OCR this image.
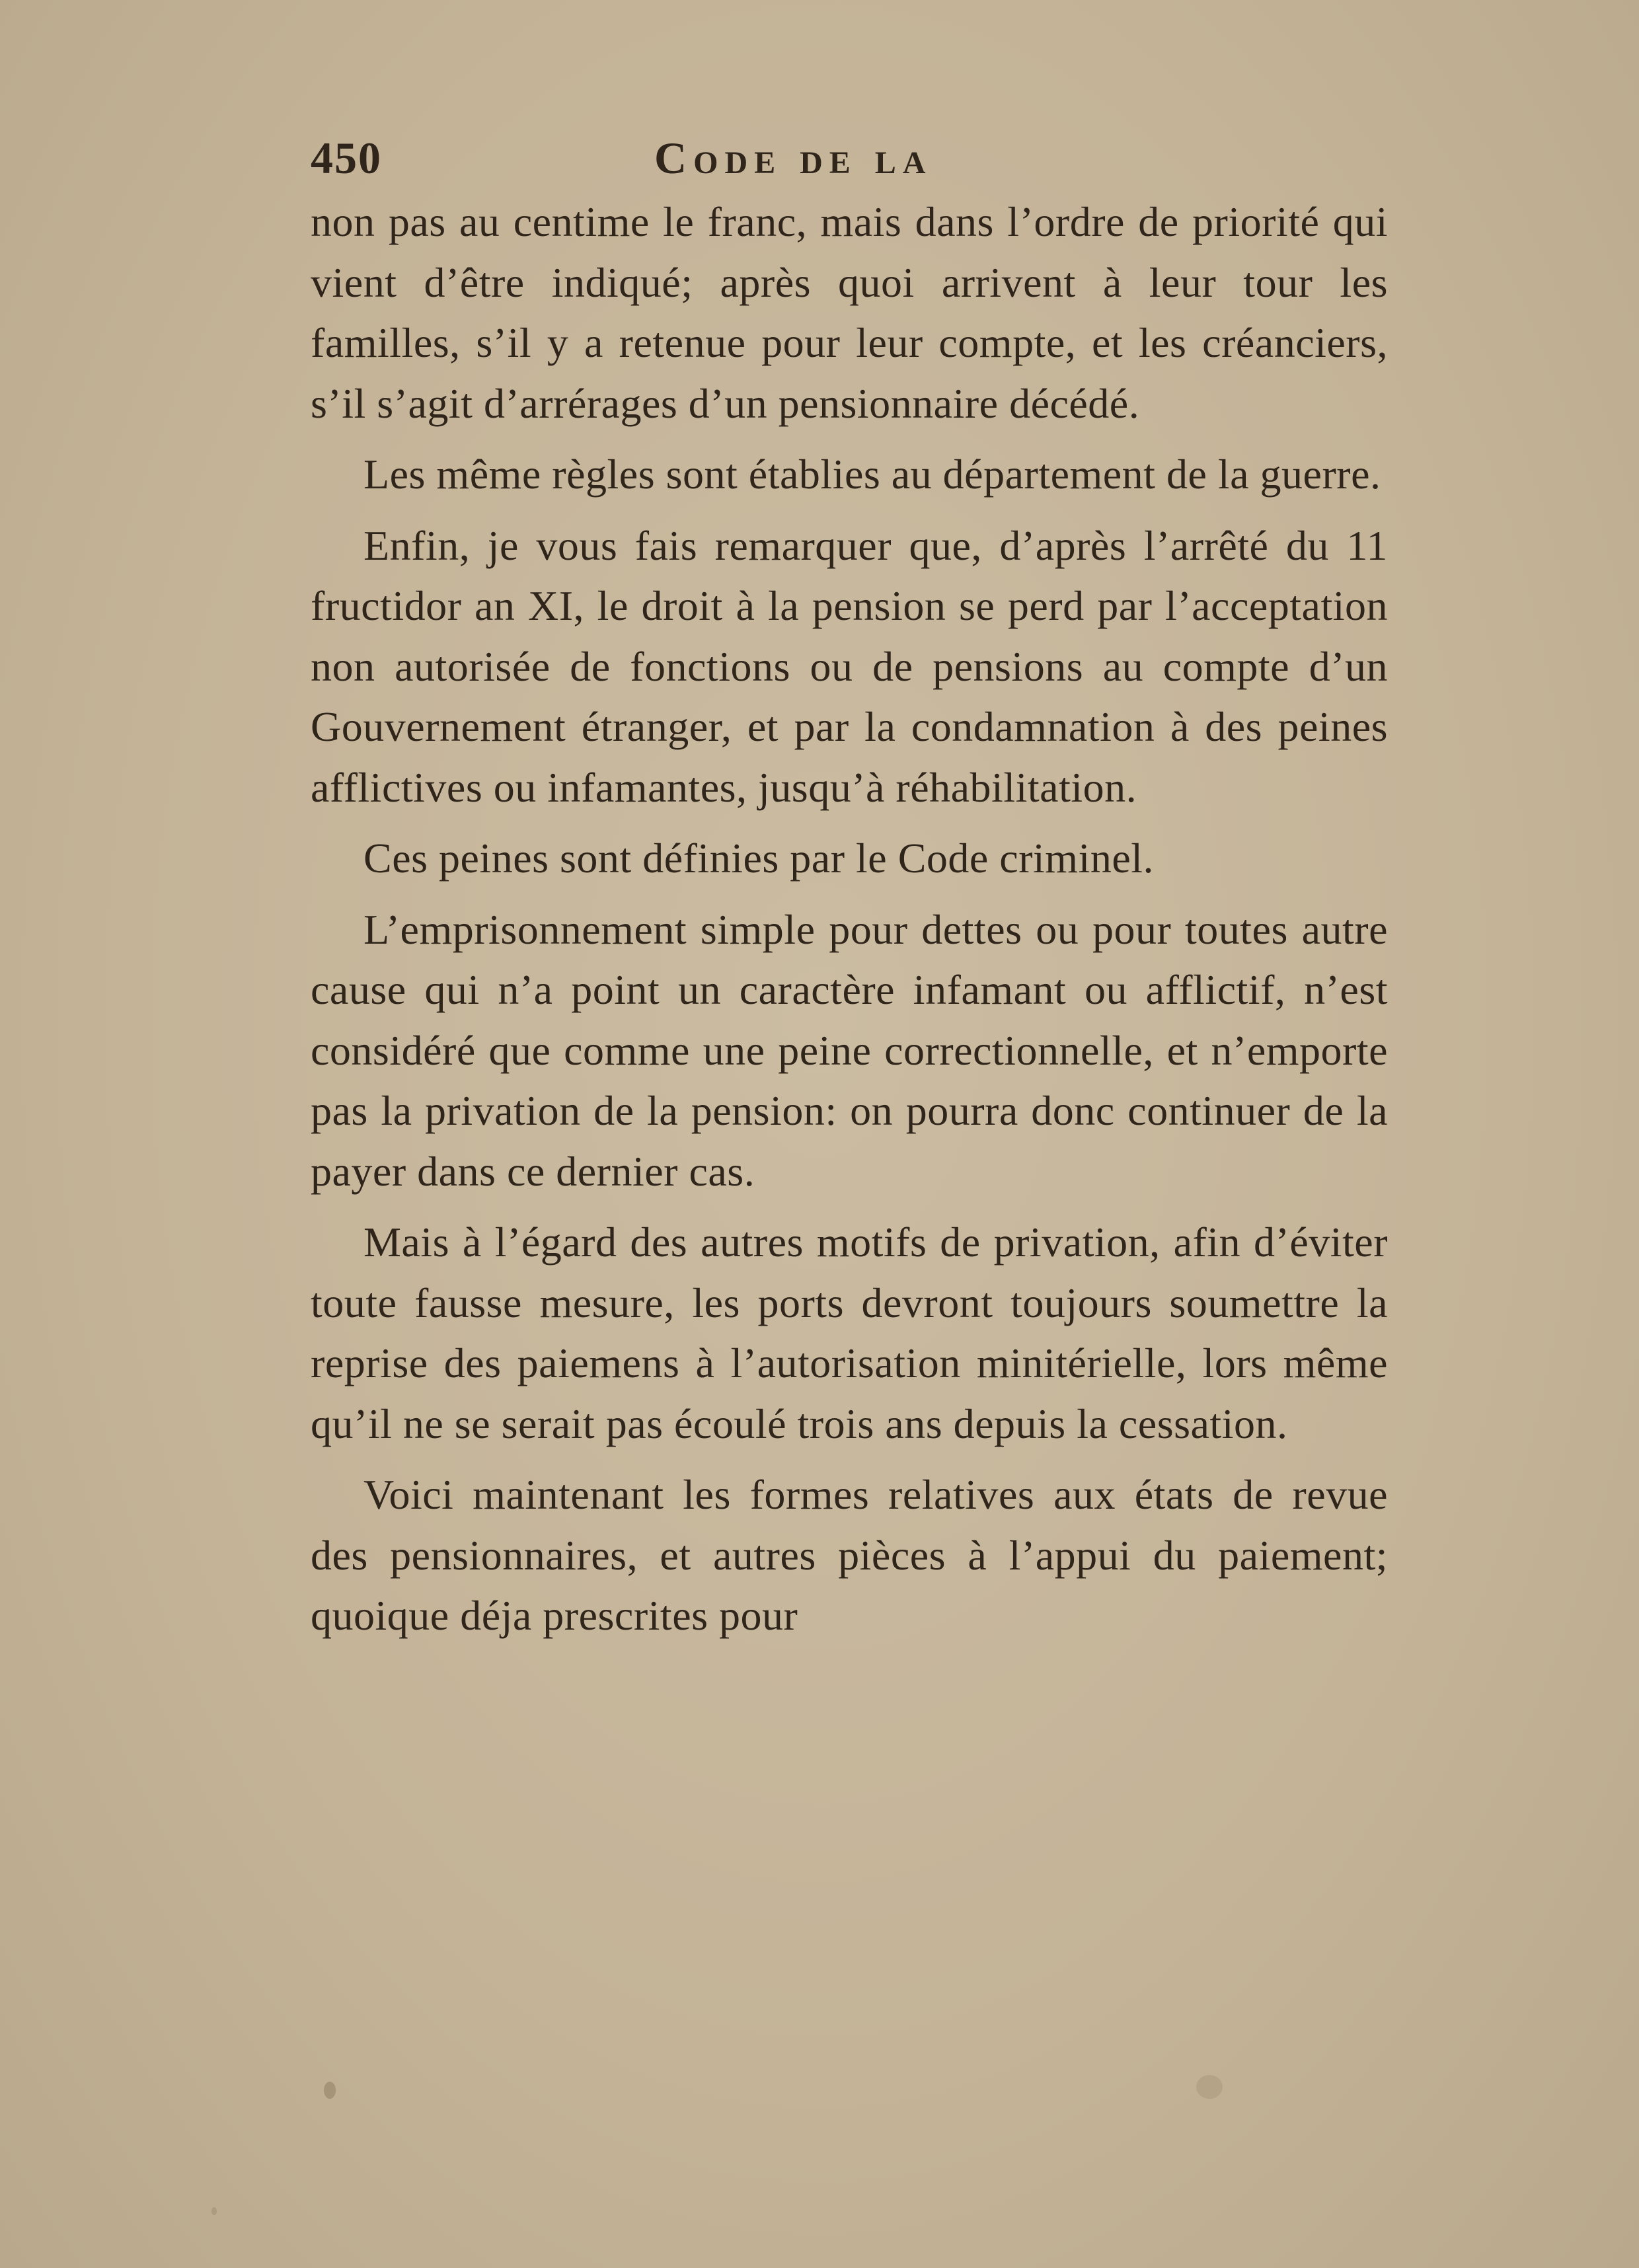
450	Code de la

non pas au centime le franc, mais dans l’ordre de priorité qui vient d’être indiqué; après quoi arrivent à leur tour les familles, s’il y a retenue pour leur compte, et les créanciers, s’il s’agit d’arrérages d’un pensionnaire décédé.

Les même règles sont établies au département de la guerre.

Enfin, je vous fais remarquer que, d’après l’arrêté du 11 fructidor an XI, le droit à la pension se perd par l’acceptation non autorisée de fonctions ou de pensions au compte d’un Gouvernement étranger, et par la condamnation à des peines afflictives ou infamantes, jusqu’à réhabilitation.

Ces peines sont définies par le Code criminel.

L’emprisonnement simple pour dettes ou pour toutes autre cause qui n’a point un caractère infamant ou afflictif, n’est considéré que comme une peine correctionnelle, et n’emporte pas la privation de la pension: on pourra donc continuer de la payer dans ce dernier cas.

Mais à l’égard des autres motifs de privation, afin d’éviter toute fausse mesure, les ports devront toujours soumettre la reprise des paiemens à l’autorisation minitérielle, lors même qu’il ne se serait pas écoulé trois ans depuis la cessation.

Voici maintenant les formes relatives aux états de revue des pensionnaires, et autres pièces à l’appui du paiement; quoique déja prescrites pour
